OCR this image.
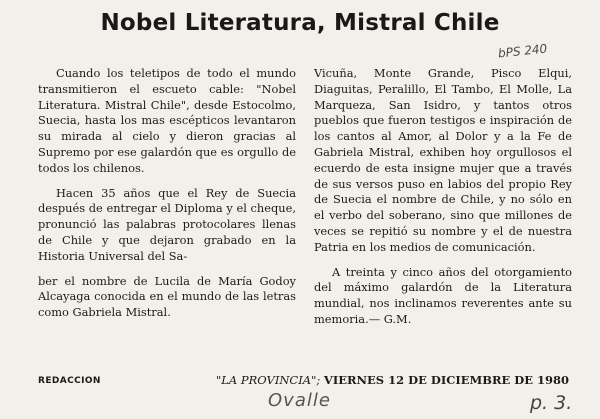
Nobel Literatura, Mistral Chile
bPS 240

Cuando los teletipos de todo el mundo transmitieron el escueto cable: "Nobel Literatura. Mistral Chile", desde Estocolmo, Suecia, hasta los mas escépticos levantaron su mirada al cielo y dieron gracias al Supremo por ese galardón que es orgullo de todos los chilenos.

Hacen 35 años que el Rey de Suecia después de entregar el Diploma y el cheque, pronunció las palabras protocolares llenas de Chile y que dejaron grabado en la Historia Universal del Sa-

ber el nombre de Lucila de María Godoy Alcayaga conocida en el mundo de las letras como Gabriela Mistral.

Vicuña, Monte Grande, Pisco Elqui, Diaguitas, Peralillo, El Tambo, El Molle, La Marqueza, San Isidro, y tantos otros pueblos que fueron testigos e inspiración de los cantos al Amor, al Dolor y a la Fe de Gabriela Mistral, exhiben hoy orgullosos el ecuerdo de esta insigne mujer que a través de sus versos puso en labios del propio Rey de Suecia el nombre de Chile, y no sólo en el verbo del soberano, sino que millones de veces se repitió su nombre y el de nuestra Patria en los medios de comunicación.

A treinta y cinco años del otorgamiento del máximo galardón de la Literatura mundial, nos inclinamos reverentes ante su memoria.— G.M.

REDACCION	"LA PROVINCIA"; VIERNES 12 DE DICIEMBRE DE 1980
Ovalle	p. 3.
